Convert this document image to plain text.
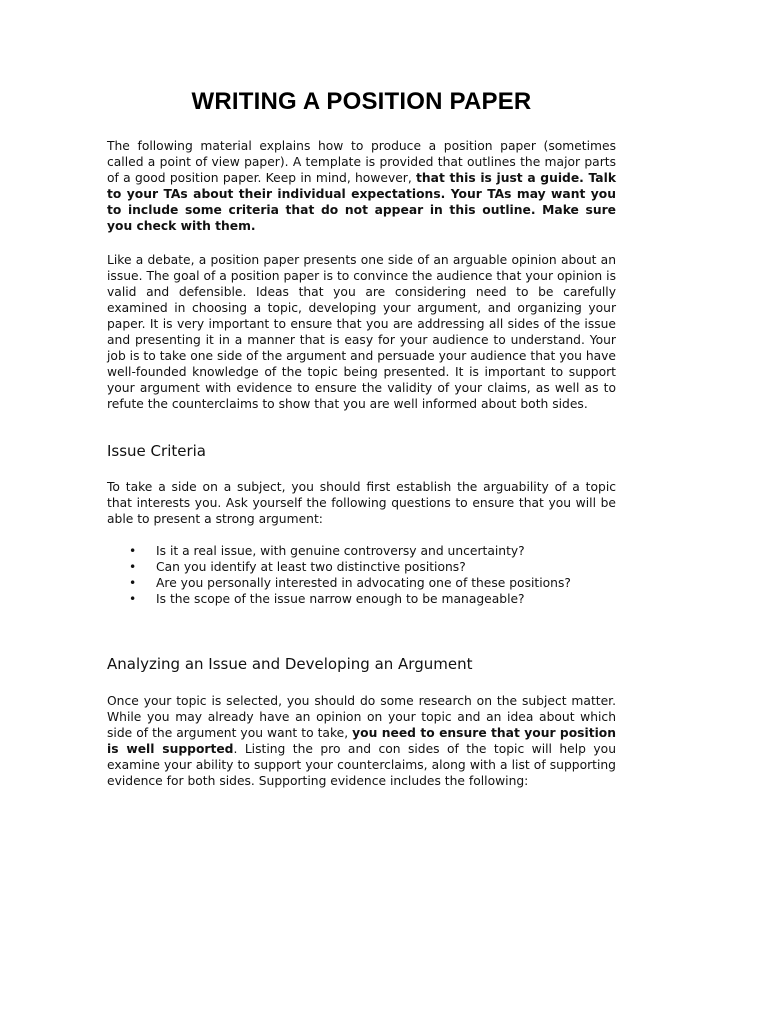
WRITING A POSITION PAPER

The following material explains how to produce a position paper (sometimes called a point of view paper). A template is provided that outlines the major parts of a good position paper. Keep in mind, however, that this is just a guide. Talk to your TAs about their individual expectations. Your TAs may want you to include some criteria that do not appear in this outline. Make sure you check with them.

Like a debate, a position paper presents one side of an arguable opinion about an issue. The goal of a position paper is to convince the audience that your opinion is valid and defensible. Ideas that you are considering need to be carefully examined in choosing a topic, developing your argument, and organizing your paper. It is very important to ensure that you are addressing all sides of the issue and presenting it in a manner that is easy for your audience to understand. Your job is to take one side of the argument and persuade your audience that you have well-founded knowledge of the topic being presented. It is important to support your argument with evidence to ensure the validity of your claims, as well as to refute the counterclaims to show that you are well informed about both sides.

Issue Criteria

To take a side on a subject, you should first establish the arguability of a topic that interests you. Ask yourself the following questions to ensure that you will be able to present a strong argument:

• Is it a real issue, with genuine controversy and uncertainty?
• Can you identify at least two distinctive positions?
• Are you personally interested in advocating one of these positions?
• Is the scope of the issue narrow enough to be manageable?
Analyzing an Issue and Developing an Argument

Once your topic is selected, you should do some research on the subject matter. While you may already have an opinion on your topic and an idea about which side of the argument you want to take, you need to ensure that your position is well supported. Listing the pro and con sides of the topic will help you examine your ability to support your counterclaims, along with a list of supporting evidence for both sides. Supporting evidence includes the following:
